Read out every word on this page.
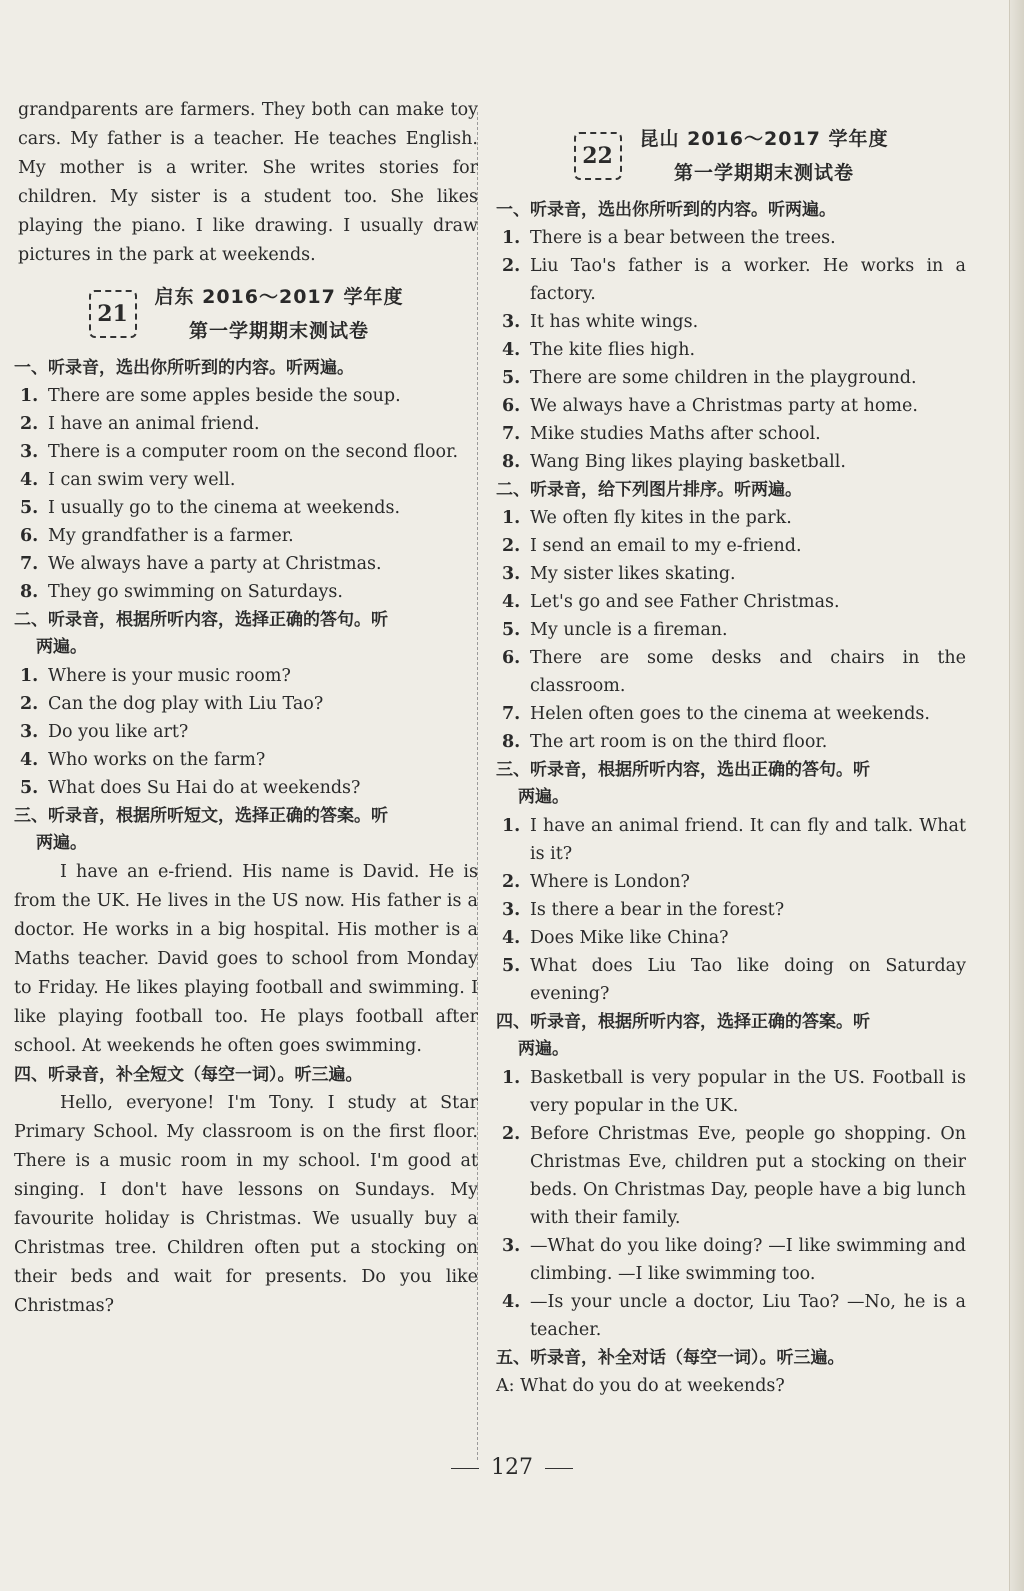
grandparents are farmers. They both can make toy cars. My father is a teacher. He teaches English. My mother is a writer. She writes stories for children. My sister is a student too. She likes playing the piano. I like drawing. I usually draw pictures in the park at weekends.

21
启东 2016～2017 学年度
第一学期期末测试卷

一、听录音，选出你所听到的内容。听两遍。

1. There are some apples beside the soup.
2. I have an animal friend.
3. There is a computer room on the second floor.
4. I can swim very well.
5. I usually go to the cinema at weekends.
6. My grandfather is a farmer.
7. We always have a party at Christmas.
8. They go swimming on Saturdays.

二、听录音，根据所听内容，选择正确的答句。听

两遍。

1. Where is your music room?
2. Can the dog play with Liu Tao?
3. Do you like art?
4. Who works on the farm?
5. What does Su Hai do at weekends?

三、听录音，根据所听短文，选择正确的答案。听

两遍。

I have an e-friend. His name is David. He is from the UK. He lives in the US now. His father is a doctor. He works in a big hospital. His mother is a Maths teacher. David goes to school from Monday to Friday. He likes playing football and swimming. I like playing football too. He plays football after school. At weekends he often goes swimming.

四、听录音，补全短文（每空一词）。听三遍。

Hello, everyone! I'm Tony. I study at Star Primary School. My classroom is on the first floor. There is a music room in my school. I'm good at singing. I don't have lessons on Sundays. My favourite holiday is Christmas. We usually buy a Christmas tree. Children often put a stocking on their beds and wait for presents. Do you like Christmas?

22
昆山 2016～2017 学年度
第一学期期末测试卷

一、听录音，选出你所听到的内容。听两遍。

1. There is a bear between the trees.
2. Liu Tao's father is a worker. He works in a factory.
3. It has white wings.
4. The kite flies high.
5. There are some children in the playground.
6. We always have a Christmas party at home.
7. Mike studies Maths after school.
8. Wang Bing likes playing basketball.

二、听录音，给下列图片排序。听两遍。

1. We often fly kites in the park.
2. I send an email to my e-friend.
3. My sister likes skating.
4. Let's go and see Father Christmas.
5. My uncle is a fireman.
6. There are some desks and chairs in the classroom.
7. Helen often goes to the cinema at weekends.
8. The art room is on the third floor.

三、听录音，根据所听内容，选出正确的答句。听

两遍。

1. I have an animal friend. It can fly and talk. What is it?
2. Where is London?
3. Is there a bear in the forest?
4. Does Mike like China?
5. What does Liu Tao like doing on Saturday evening?

四、听录音，根据所听内容，选择正确的答案。听

两遍。

1. Basketball is very popular in the US. Football is very popular in the UK.
2. Before Christmas Eve, people go shopping. On Christmas Eve, children put a stocking on their beds. On Christmas Day, people have a big lunch with their family.
3. —What do you like doing? —I like swimming and climbing. —I like swimming too.
4. —Is your uncle a doctor, Liu Tao? —No, he is a teacher.

五、听录音，补全对话（每空一词）。听三遍。

A: What do you do at weekends?

127
